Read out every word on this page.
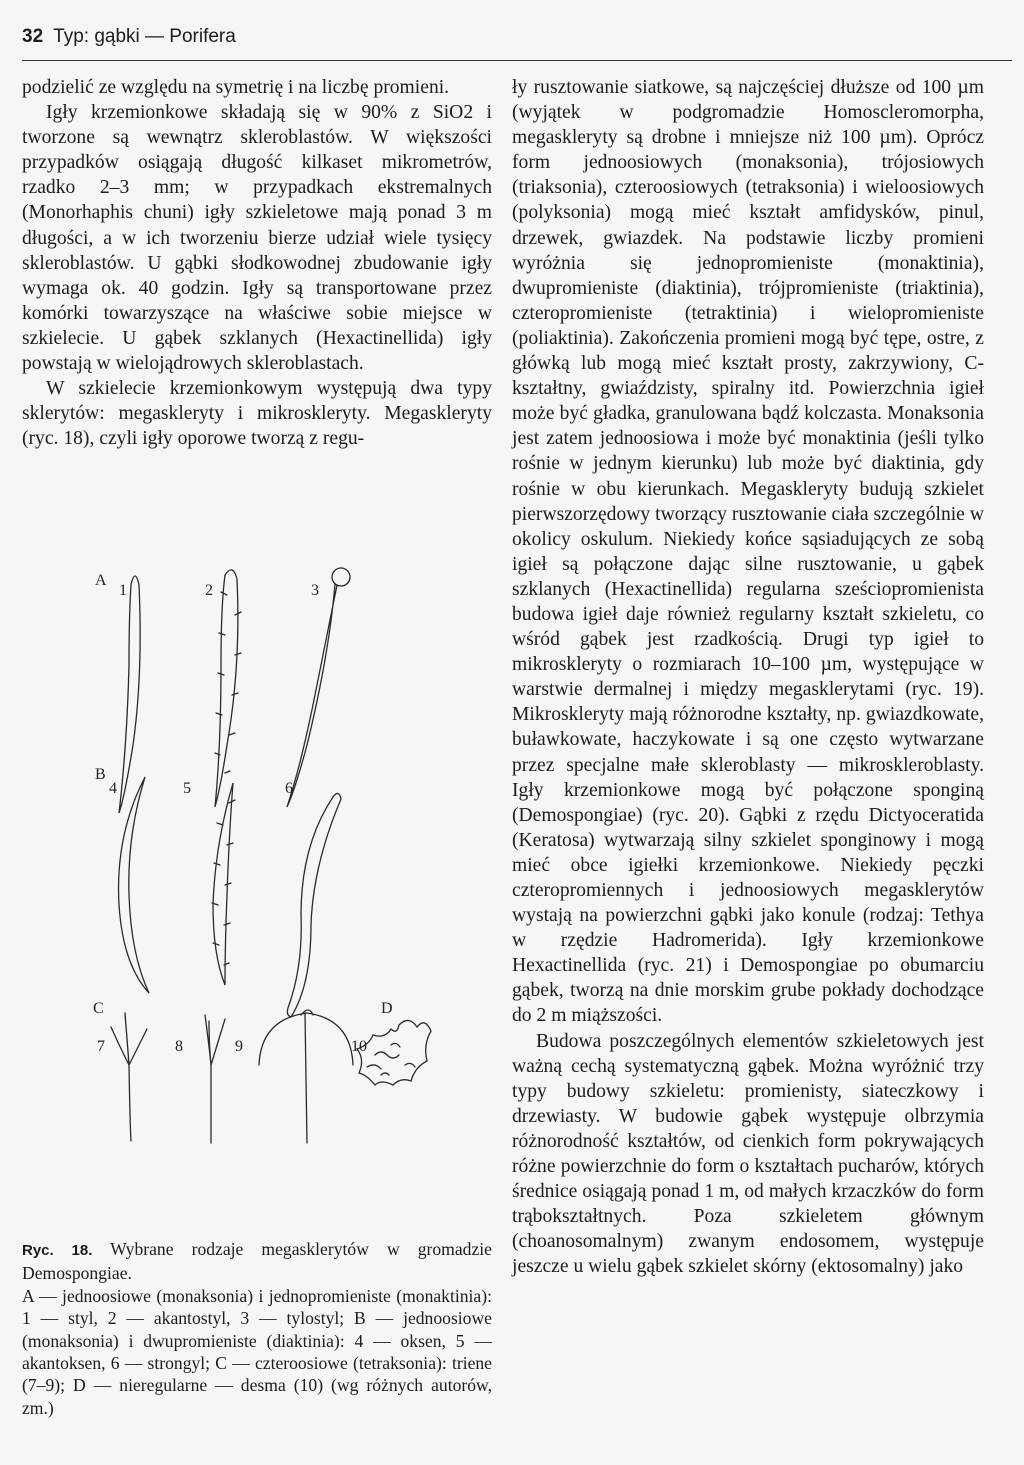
32 Typ: gąbki — Porifera

podzielić ze względu na symetrię i na liczbę promieni.

Igły krzemionkowe składają się w 90% z SiO2 i tworzone są wewnątrz skleroblastów. W większości przypadków osiągają długość kilkaset mikrometrów, rzadko 2–3 mm; w przypadkach ekstremalnych (Monorhaphis chuni) igły szkieletowe mają ponad 3 m długości, a w ich tworzeniu bierze udział wiele tysięcy skleroblastów. U gąbki słodkowodnej zbudowanie igły wymaga ok. 40 godzin. Igły są transportowane przez komórki towarzyszące na właściwe sobie miejsce w szkielecie. U gąbek szklanych (Hexactinellida) igły powstają w wielojądrowych skleroblastach.

W szkielecie krzemionkowym występują dwa typy sklerytów: megaskleryty i mikroskleryty. Megaskleryty (ryc. 18), czyli igły oporowe tworzą z regu-

A
1	2	3
B
4	5	6
C
7	8	9
D
10

Ryc. 18. Wybrane rodzaje megasklerytów w gromadzie Demospongiae.

A — jednoosiowe (monaksonia) i jednopromieniste (monaktinia): 1 — styl, 2 — akantostyl, 3 — tylostyl; B — jednoosiowe (monaksonia) i dwupromieniste (diaktinia): 4 — oksen, 5 — akantoksen, 6 — strongyl; C — czteroosiowe (tetraksonia): triene (7–9); D — nieregularne — desma (10) (wg różnych autorów, zm.)

ły rusztowanie siatkowe, są najczęściej dłuższe od 100 µm (wyjątek w podgromadzie Homoscleromorpha, megaskleryty są drobne i mniejsze niż 100 µm). Oprócz form jednoosiowych (monaksonia), trójosiowych (triaksonia), czteroosiowych (tetraksonia) i wieloosiowych (polyksonia) mogą mieć kształt amfidysków, pinul, drzewek, gwiazdek. Na podstawie liczby promieni wyróżnia się jednopromieniste (monaktinia), dwupromieniste (diaktinia), trójpromieniste (triaktinia), czteropromieniste (tetraktinia) i wielopromieniste (poliaktinia). Zakończenia promieni mogą być tępe, ostre, z główką lub mogą mieć kształt prosty, zakrzywiony, C-kształtny, gwiaździsty, spiralny itd. Powierzchnia igieł może być gładka, granulowana bądź kolczasta. Monaksonia jest zatem jednoosiowa i może być monaktinia (jeśli tylko rośnie w jednym kierunku) lub może być diaktinia, gdy rośnie w obu kierunkach. Megaskleryty budują szkielet pierwszorzędowy tworzący rusztowanie ciała szczególnie w okolicy oskulum. Niekiedy końce sąsiadujących ze sobą igieł są połączone dając silne rusztowanie, u gąbek szklanych (Hexactinellida) regularna sześciopromienista budowa igieł daje również regularny kształt szkieletu, co wśród gąbek jest rzadkością. Drugi typ igieł to mikroskleryty o rozmiarach 10–100 µm, występujące w warstwie dermalnej i między megasklerytami (ryc. 19). Mikroskleryty mają różnorodne kształty, np. gwiazdkowate, buławkowate, haczykowate i są one często wytwarzane przez specjalne małe skleroblasty — mikroskleroblasty. Igły krzemionkowe mogą być połączone sponginą (Demospongiae) (ryc. 20). Gąbki z rzędu Dictyoceratida (Keratosa) wytwarzają silny szkielet sponginowy i mogą mieć obce igiełki krzemionkowe. Niekiedy pęczki czteropromiennych i jednoosiowych megasklerytów wystają na powierzchni gąbki jako konule (rodzaj: Tethya w rzędzie Hadromerida). Igły krzemionkowe Hexactinellida (ryc. 21) i Demospongiae po obumarciu gąbek, tworzą na dnie morskim grube pokłady dochodzące do 2 m miąższości.

Budowa poszczególnych elementów szkieletowych jest ważną cechą systematyczną gąbek. Można wyróżnić trzy typy budowy szkieletu: promienisty, siateczkowy i drzewiasty. W budowie gąbek występuje olbrzymia różnorodność kształtów, od cienkich form pokrywających różne powierzchnie do form o kształtach pucharów, których średnice osiągają ponad 1 m, od małych krzaczków do form trąbokształtnych. Poza szkieletem głównym (choanosomalnym) zwanym endosomem, występuje jeszcze u wielu gąbek szkielet skórny (ektosomalny) jako
